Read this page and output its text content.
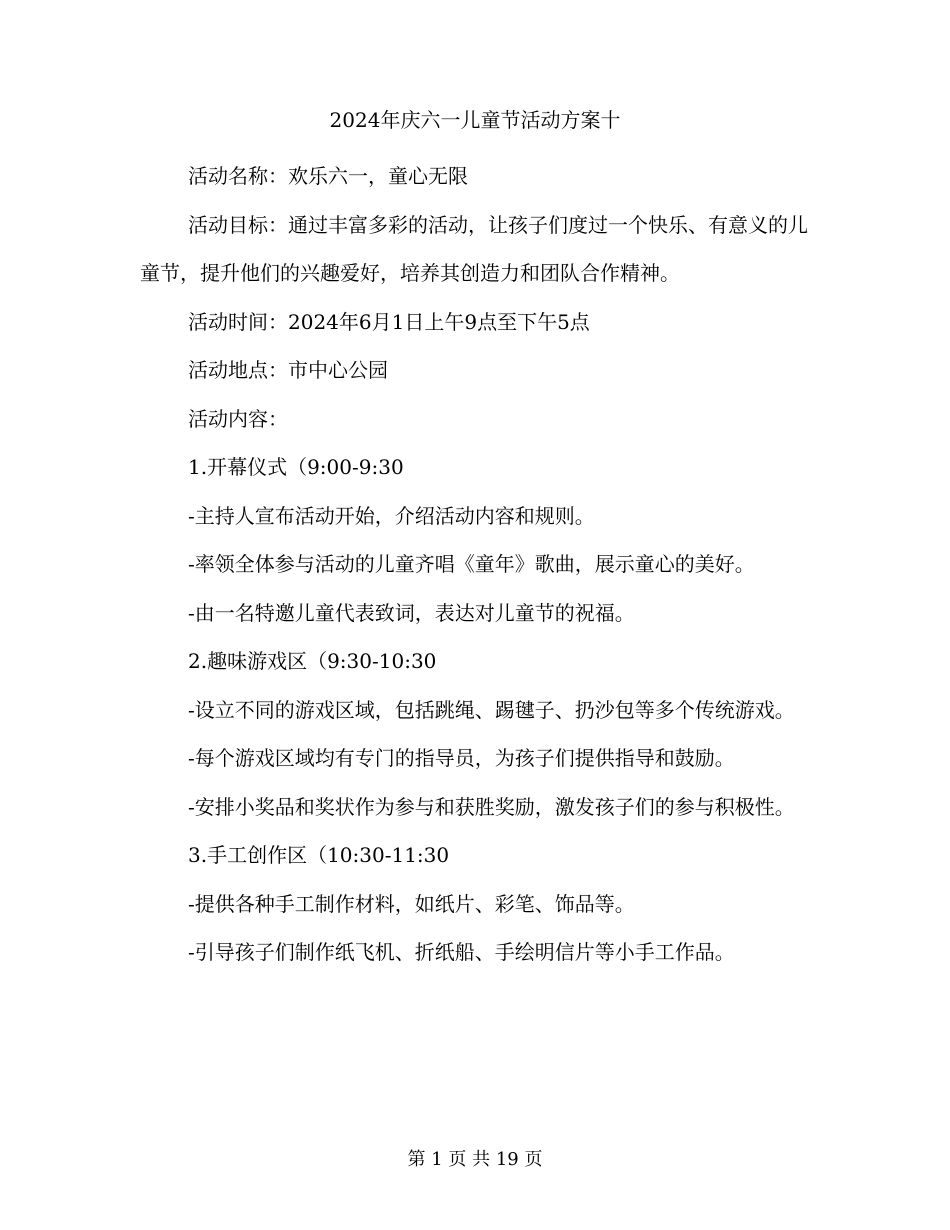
2024年庆六一儿童节活动方案十

活动名称：欢乐六一，童心无限

活动目标：通过丰富多彩的活动，让孩子们度过一个快乐、有意义的儿童节，提升他们的兴趣爱好，培养其创造力和团队合作精神。

活动时间：2024年6月1日上午9点至下午5点

活动地点：市中心公园

活动内容：

1.开幕仪式（9:00-9:30

-主持人宣布活动开始，介绍活动内容和规则。

-率领全体参与活动的儿童齐唱《童年》歌曲，展示童心的美好。

-由一名特邀儿童代表致词，表达对儿童节的祝福。

2.趣味游戏区（9:30-10:30

-设立不同的游戏区域，包括跳绳、踢毽子、扔沙包等多个传统游戏。

-每个游戏区域均有专门的指导员，为孩子们提供指导和鼓励。

-安排小奖品和奖状作为参与和获胜奖励，激发孩子们的参与积极性。

3.手工创作区（10:30-11:30

-提供各种手工制作材料，如纸片、彩笔、饰品等。

-引导孩子们制作纸飞机、折纸船、手绘明信片等小手工作品。

第 1 页 共 19 页
